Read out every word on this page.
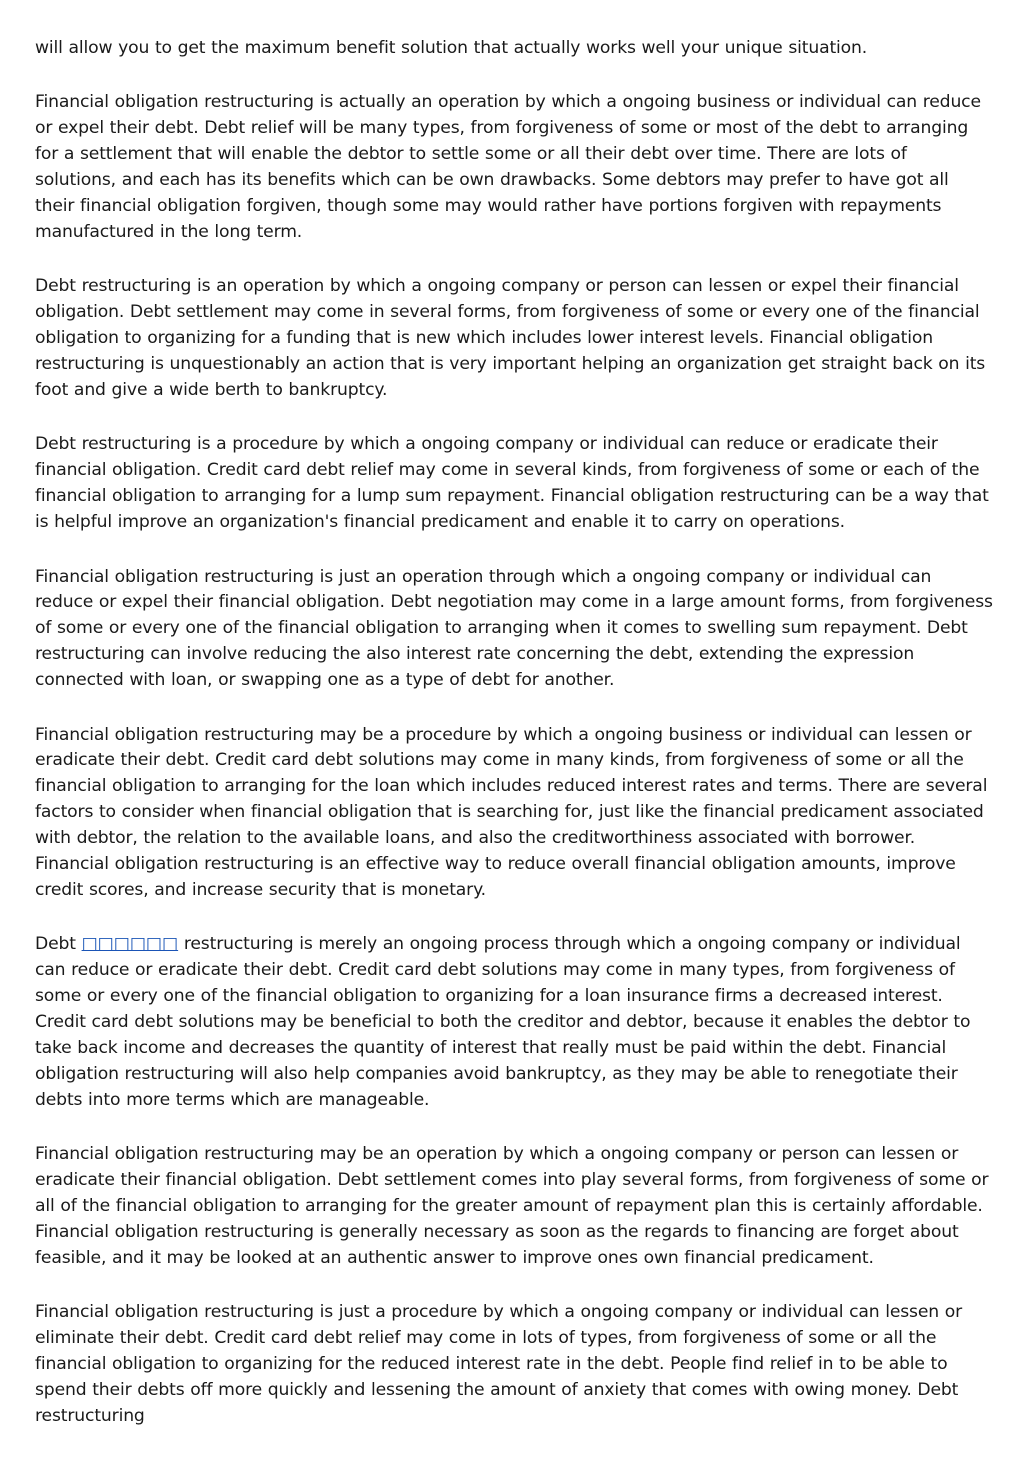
will allow you to get the maximum benefit solution that actually works well your unique situation.

Financial obligation restructuring is actually an operation by which a ongoing business or individual can reduce or expel their debt. Debt relief will be many types, from forgiveness of some or most of the debt to arranging for a settlement that will enable the debtor to settle some or all their debt over time. There are lots of solutions, and each has its benefits which can be own drawbacks. Some debtors may prefer to have got all their financial obligation forgiven, though some may would rather have portions forgiven with repayments manufactured in the long term.

Debt restructuring is an operation by which a ongoing company or person can lessen or expel their financial obligation. Debt settlement may come in several forms, from forgiveness of some or every one of the financial obligation to organizing for a funding that is new which includes lower interest levels. Financial obligation restructuring is unquestionably an action that is very important helping an organization get straight back on its foot and give a wide berth to bankruptcy.

Debt restructuring is a procedure by which a ongoing company or individual can reduce or eradicate their financial obligation. Credit card debt relief may come in several kinds, from forgiveness of some or each of the financial obligation to arranging for a lump sum repayment. Financial obligation restructuring can be a way that is helpful improve an organization's financial predicament and enable it to carry on operations.

Financial obligation restructuring is just an operation through which a ongoing company or individual can reduce or expel their financial obligation. Debt negotiation may come in a large amount forms, from forgiveness of some or every one of the financial obligation to arranging when it comes to swelling sum repayment. Debt restructuring can involve reducing the also interest rate concerning the debt, extending the expression connected with loan, or swapping one as a type of debt for another.

Financial obligation restructuring may be a procedure by which a ongoing business or individual can lessen or eradicate their debt. Credit card debt solutions may come in many kinds, from forgiveness of some or all the financial obligation to arranging for the loan which includes reduced interest rates and terms. There are several factors to consider when financial obligation that is searching for, just like the financial predicament associated with debtor, the relation to the available loans, and also the creditworthiness associated with borrower. Financial obligation restructuring is an effective way to reduce overall financial obligation amounts, improve credit scores, and increase security that is monetary.

Debt □□□□□□ restructuring is merely an ongoing process through which a ongoing company or individual can reduce or eradicate their debt. Credit card debt solutions may come in many types, from forgiveness of some or every one of the financial obligation to organizing for a loan insurance firms a decreased interest. Credit card debt solutions may be beneficial to both the creditor and debtor, because it enables the debtor to take back income and decreases the quantity of interest that really must be paid within the debt. Financial obligation restructuring will also help companies avoid bankruptcy, as they may be able to renegotiate their debts into more terms which are manageable.

Financial obligation restructuring may be an operation by which a ongoing company or person can lessen or eradicate their financial obligation. Debt settlement comes into play several forms, from forgiveness of some or all of the financial obligation to arranging for the greater amount of repayment plan this is certainly affordable. Financial obligation restructuring is generally necessary as soon as the regards to financing are forget about feasible, and it may be looked at an authentic answer to improve ones own financial predicament.

Financial obligation restructuring is just a procedure by which a ongoing company or individual can lessen or eliminate their debt. Credit card debt relief may come in lots of types, from forgiveness of some or all the financial obligation to organizing for the reduced interest rate in the debt. People find relief in to be able to spend their debts off more quickly and lessening the amount of anxiety that comes with owing money. Debt restructuring
